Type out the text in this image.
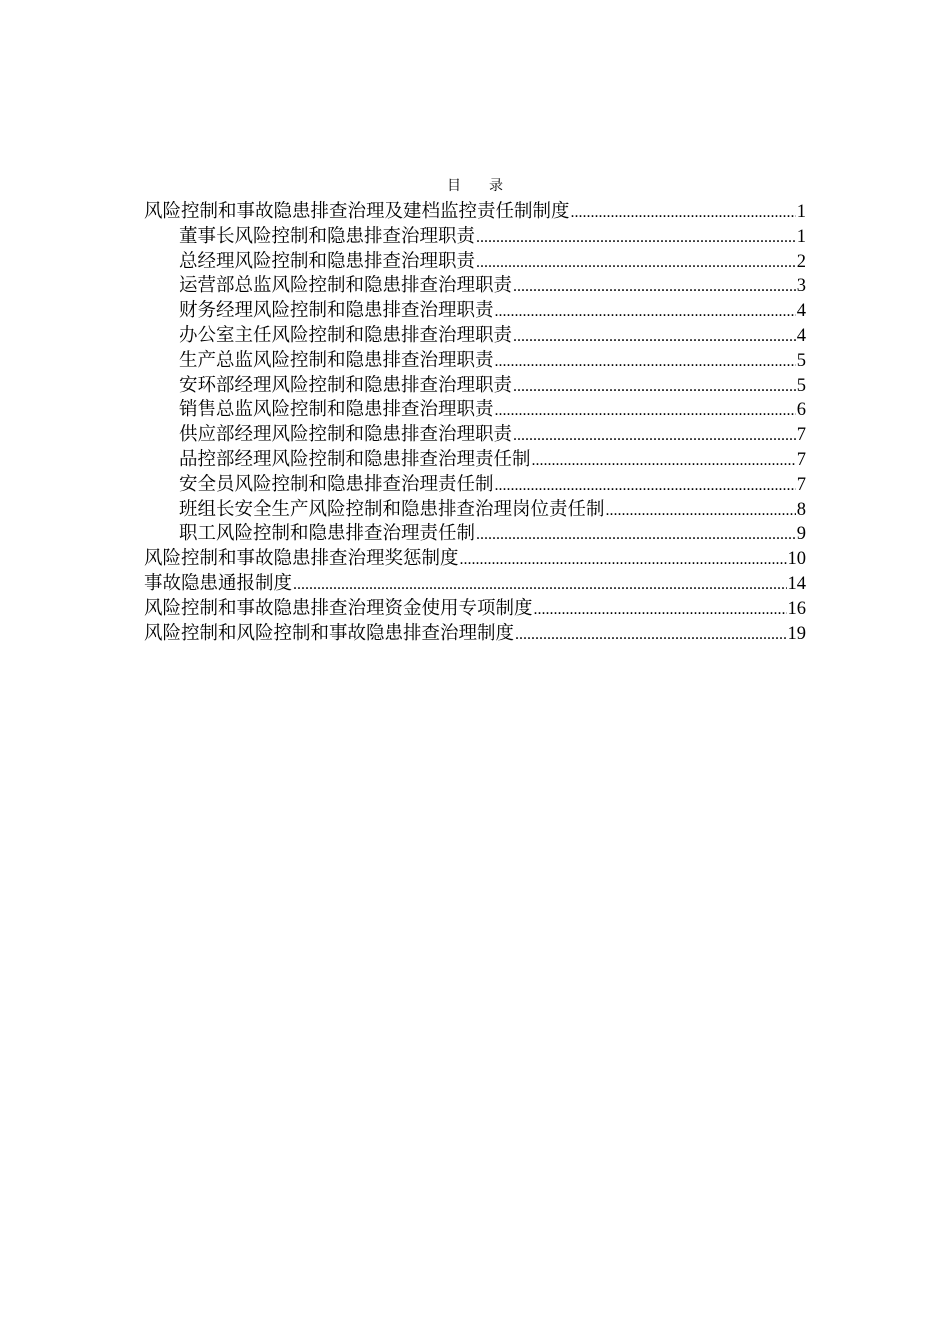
目录
风险控制和事故隐患排查治理及建档监控责任制制度 .....	1
董事长风险控制和隐患排查治理职责 .....	1
总经理风险控制和隐患排查治理职责 .....	2
运营部总监风险控制和隐患排查治理职责 .....	3
财务经理风险控制和隐患排查治理职责 .....	4
办公室主任风险控制和隐患排查治理职责 .....	4
生产总监风险控制和隐患排查治理职责 .....	5
安环部经理风险控制和隐患排查治理职责 .....	5
销售总监风险控制和隐患排查治理职责 .....	6
供应部经理风险控制和隐患排查治理职责 .....	7
品控部经理风险控制和隐患排查治理责任制 .....	7
安全员风险控制和隐患排查治理责任制 .....	7
班组长安全生产风险控制和隐患排查治理岗位责任制 .....	8
职工风险控制和隐患排查治理责任制 .....	9
风险控制和事故隐患排查治理奖惩制度 .....	10
事故隐患通报制度 .....	14
风险控制和事故隐患排查治理资金使用专项制度 .....	16
风险控制和风险控制和事故隐患排查治理制度 .....	19
